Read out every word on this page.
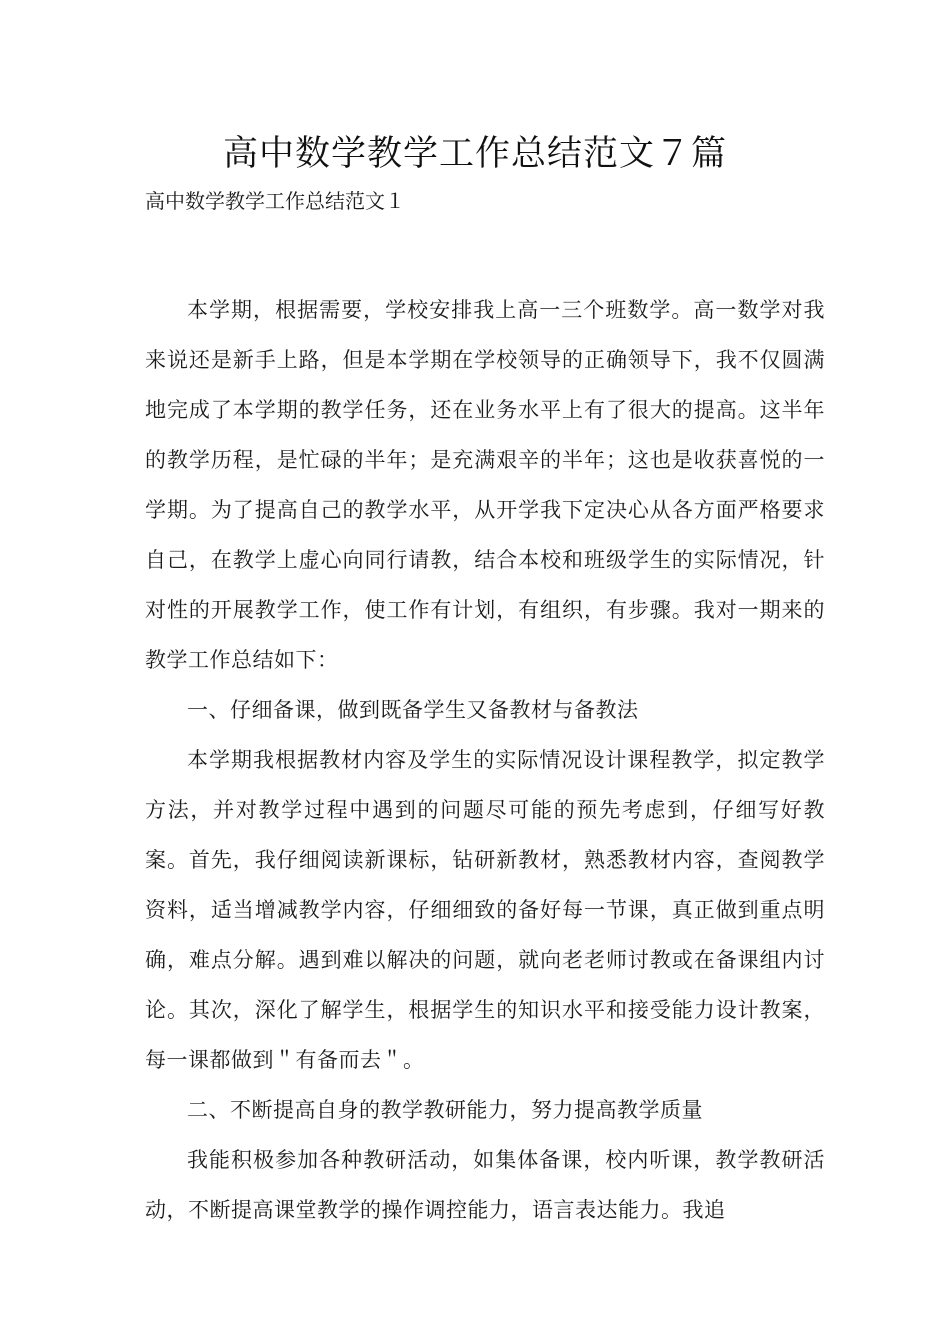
高中数学教学工作总结范文７篇

高中数学教学工作总结范文１

本学期，根据需要，学校安排我上高一三个班数学。高一数学对我来说还是新手上路，但是本学期在学校领导的正确领导下，我不仅圆满地完成了本学期的教学任务，还在业务水平上有了很大的提高。这半年的教学历程，是忙碌的半年；是充满艰辛的半年；这也是收获喜悦的一学期。为了提高自己的教学水平，从开学我下定决心从各方面严格要求自己，在教学上虚心向同行请教，结合本校和班级学生的实际情况，针对性的开展教学工作，使工作有计划，有组织，有步骤。我对一期来的教学工作总结如下：

一、仔细备课，做到既备学生又备教材与备教法

本学期我根据教材内容及学生的实际情况设计课程教学，拟定教学方法，并对教学过程中遇到的问题尽可能的预先考虑到，仔细写好教案。首先，我仔细阅读新课标，钻研新教材，熟悉教材内容，查阅教学资料，适当增减教学内容，仔细细致的备好每一节课，真正做到重点明确，难点分解。遇到难以解决的问题，就向老老师讨教或在备课组内讨论。其次，深化了解学生，根据学生的知识水平和接受能力设计教案，每一课都做到＂有备而去＂。

二、不断提高自身的教学教研能力，努力提高教学质量

我能积极参加各种教研活动，如集体备课，校内听课，教学教研活动，不断提高课堂教学的操作调控能力，语言表达能力。我追
